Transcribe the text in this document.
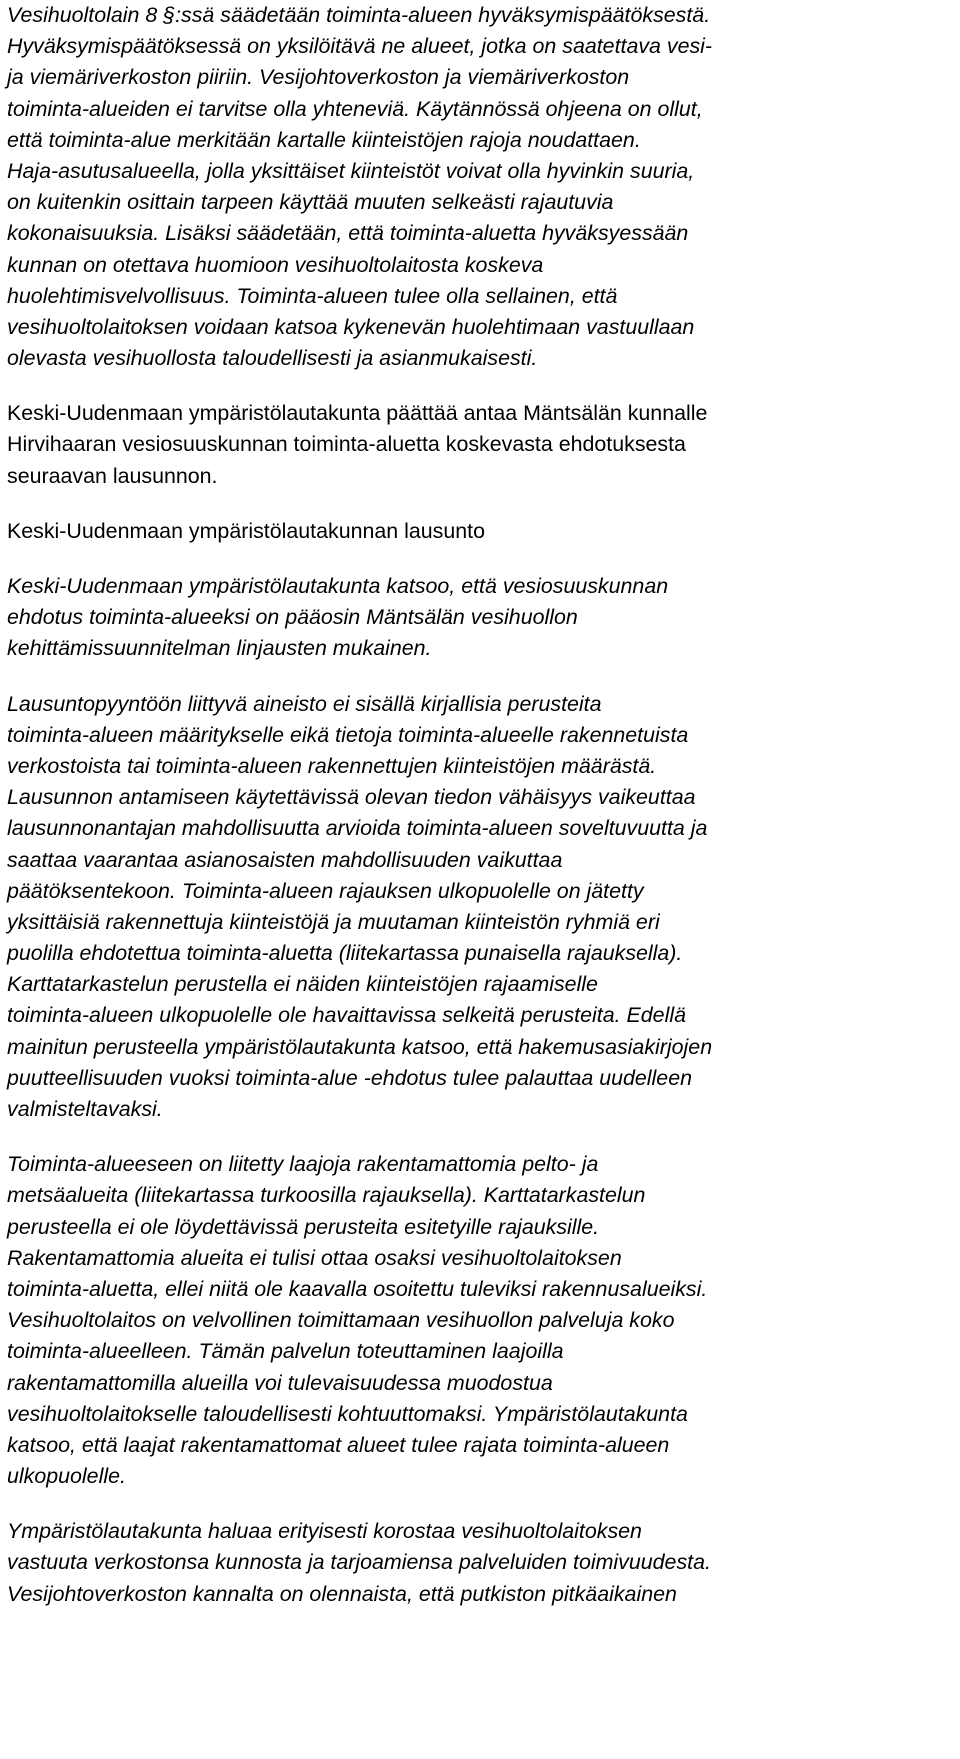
Vesihuoltolain 8 §:ssä säädetään toiminta-alueen hyväksymispäätöksestä.
Hyväksymispäätöksessä on yksilöitävä ne alueet, jotka on saatettava vesi-
ja viemäriverkoston piiriin. Vesijohtoverkoston ja viemäriverkoston
toiminta-alueiden ei tarvitse olla yhteneviä. Käytännössä ohjeena on ollut,
että toiminta-alue merkitään kartalle kiinteistöjen rajoja noudattaen.
Haja-asutusalueella, jolla yksittäiset kiinteistöt voivat olla hyvinkin suuria,
on kuitenkin osittain tarpeen käyttää muuten selkeästi rajautuvia
kokonaisuuksia. Lisäksi säädetään, että toiminta-aluetta hyväksyessään
kunnan on otettava huomioon vesihuoltolaitosta koskeva
huolehtimisvelvollisuus. Toiminta-alueen tulee olla sellainen, että
vesihuoltolaitoksen voidaan katsoa kykenevän huolehtimaan vastuullaan
olevasta vesihuollosta taloudellisesti ja asianmukaisesti.
Keski-Uudenmaan ympäristölautakunta päättää antaa Mäntsälän kunnalle
Hirvihaaran vesiosuuskunnan toiminta-aluetta koskevasta ehdotuksesta
seuraavan lausunnon.
Keski-Uudenmaan ympäristölautakunnan lausunto
Keski-Uudenmaan ympäristölautakunta katsoo, että vesiosuuskunnan
ehdotus toiminta-alueeksi on pääosin Mäntsälän vesihuollon
kehittämissuunnitelman linjausten mukainen.
Lausuntopyyntöön liittyvä aineisto ei sisällä kirjallisia perusteita
toiminta-alueen määritykselle eikä tietoja toiminta-alueelle rakennetuista
verkostoista tai toiminta-alueen rakennettujen kiinteistöjen määrästä.
Lausunnon antamiseen käytettävissä olevan tiedon vähäisyys vaikeuttaa
lausunnonantajan mahdollisuutta arvioida toiminta-alueen soveltuvuutta ja
saattaa vaarantaa asianosaisten mahdollisuuden vaikuttaa
päätöksentekoon. Toiminta-alueen rajauksen ulkopuolelle on jätetty
yksittäisiä rakennettuja kiinteistöjä ja muutaman kiinteistön ryhmiä eri
puolilla ehdotettua toiminta-aluetta (liitekartassa punaisella rajauksella).
Karttatarkastelun perustella ei näiden kiinteistöjen rajaamiselle
toiminta-alueen ulkopuolelle ole havaittavissa selkeitä perusteita. Edellä
mainitun perusteella ympäristölautakunta katsoo, että hakemusasiakirjojen
puutteellisuuden vuoksi toiminta-alue -ehdotus tulee palauttaa uudelleen
valmisteltavaksi.
Toiminta-alueeseen on liitetty laajoja rakentamattomia pelto- ja
metsäalueita (liitekartassa turkoosilla rajauksella). Karttatarkastelun
perusteella ei ole löydettävissä perusteita esitetyille rajauksille.
Rakentamattomia alueita ei tulisi ottaa osaksi vesihuoltolaitoksen
toiminta-aluetta, ellei niitä ole kaavalla osoitettu tuleviksi rakennusalueiksi.
Vesihuoltolaitos on velvollinen toimittamaan vesihuollon palveluja koko
toiminta-alueelleen. Tämän palvelun toteuttaminen laajoilla
rakentamattomilla alueilla voi tulevaisuudessa muodostua
vesihuoltolaitokselle taloudellisesti kohtuuttomaksi. Ympäristölautakunta
katsoo, että laajat rakentamattomat alueet tulee rajata toiminta-alueen
ulkopuolelle.
Ympäristölautakunta haluaa erityisesti korostaa vesihuoltolaitoksen
vastuuta verkostonsa kunnosta ja tarjoamiensa palveluiden toimivuudesta.
Vesijohtoverkoston kannalta on olennaista, että putkiston pitkäaikainen
